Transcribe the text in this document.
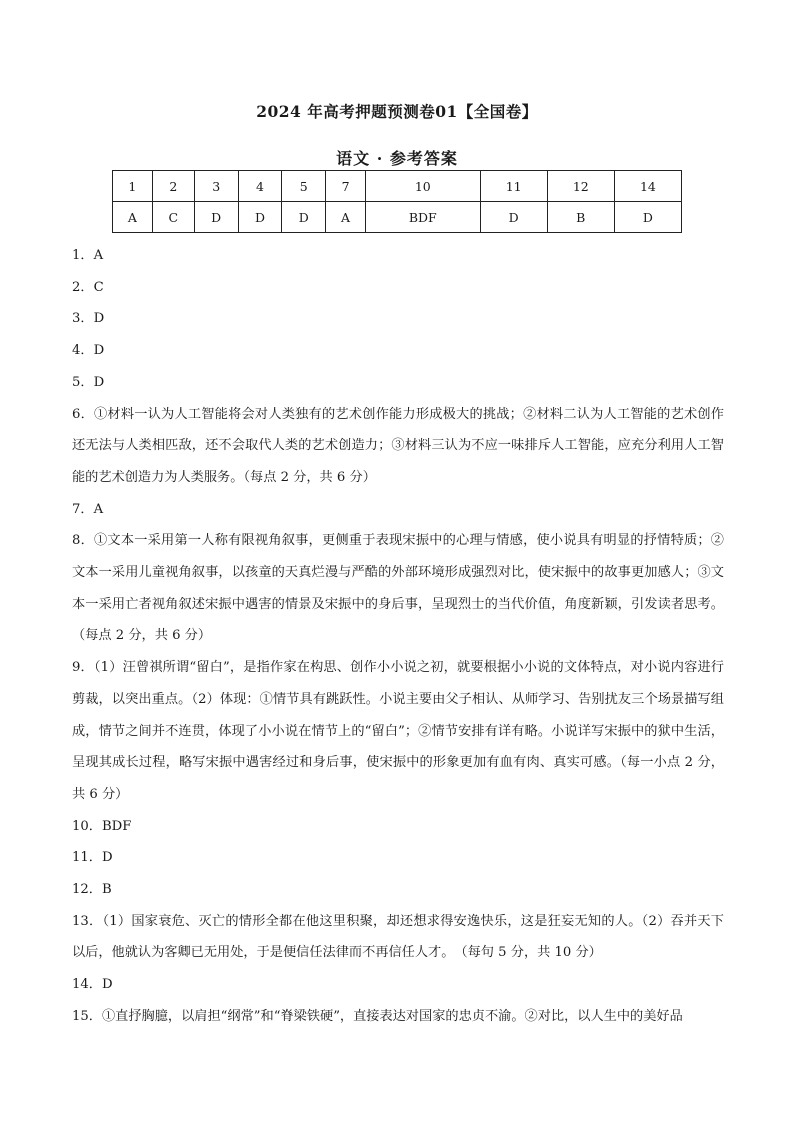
2024 年高考押题预测卷01【全国卷】
语文 · 参考答案
1	2	3	4	5	7	10	11	12	14
A	C	D	D	D	A	BDF	D	B	D

1．A

2．C

3．D

4．D

5．D

6．①材料一认为人工智能将会对人类独有的艺术创作能力形成极大的挑战；②材料二认为人工智能的艺术创作还无法与人类相匹敌，还不会取代人类的艺术创造力；③材料三认为不应一味排斥人工智能，应充分利用人工智能的艺术创造力为人类服务。（每点 2 分，共 6 分）

7．A

8．①文本一采用第一人称有限视角叙事，更侧重于表现宋振中的心理与情感，使小说具有明显的抒情特质；②文本一采用儿童视角叙事，以孩童的天真烂漫与严酷的外部环境形成强烈对比，使宋振中的故事更加感人；③文本一采用亡者视角叙述宋振中遇害的情景及宋振中的身后事，呈现烈士的当代价值，角度新颖，引发读者思考。（每点 2 分，共 6 分）

9．（1）汪曾祺所谓“留白”，是指作家在构思、创作小小说之初，就要根据小小说的文体特点，对小说内容进行剪裁，以突出重点。（2）体现：①情节具有跳跃性。小说主要由父子相认、从师学习、告别扰友三个场景描写组成，情节之间并不连贯，体现了小小说在情节上的“留白”；②情节安排有详有略。小说详写宋振中的狱中生活，呈现其成长过程，略写宋振中遇害经过和身后事，使宋振中的形象更加有血有肉、真实可感。（每一小点 2 分，共 6 分）

10．BDF

11．D

12．B

13．（1）国家衰危、灭亡的情形全都在他这里积聚，却还想求得安逸快乐，这是狂妄无知的人。（2）吞并天下以后，他就认为客卿已无用处，于是便信任法律而不再信任人才。　（每句 5 分，共 10 分）

14．D

15．①直抒胸臆，以肩担“纲常”和“脊梁铁硬”，直接表达对国家的忠贞不渝。②对比，以人生中的美好品
